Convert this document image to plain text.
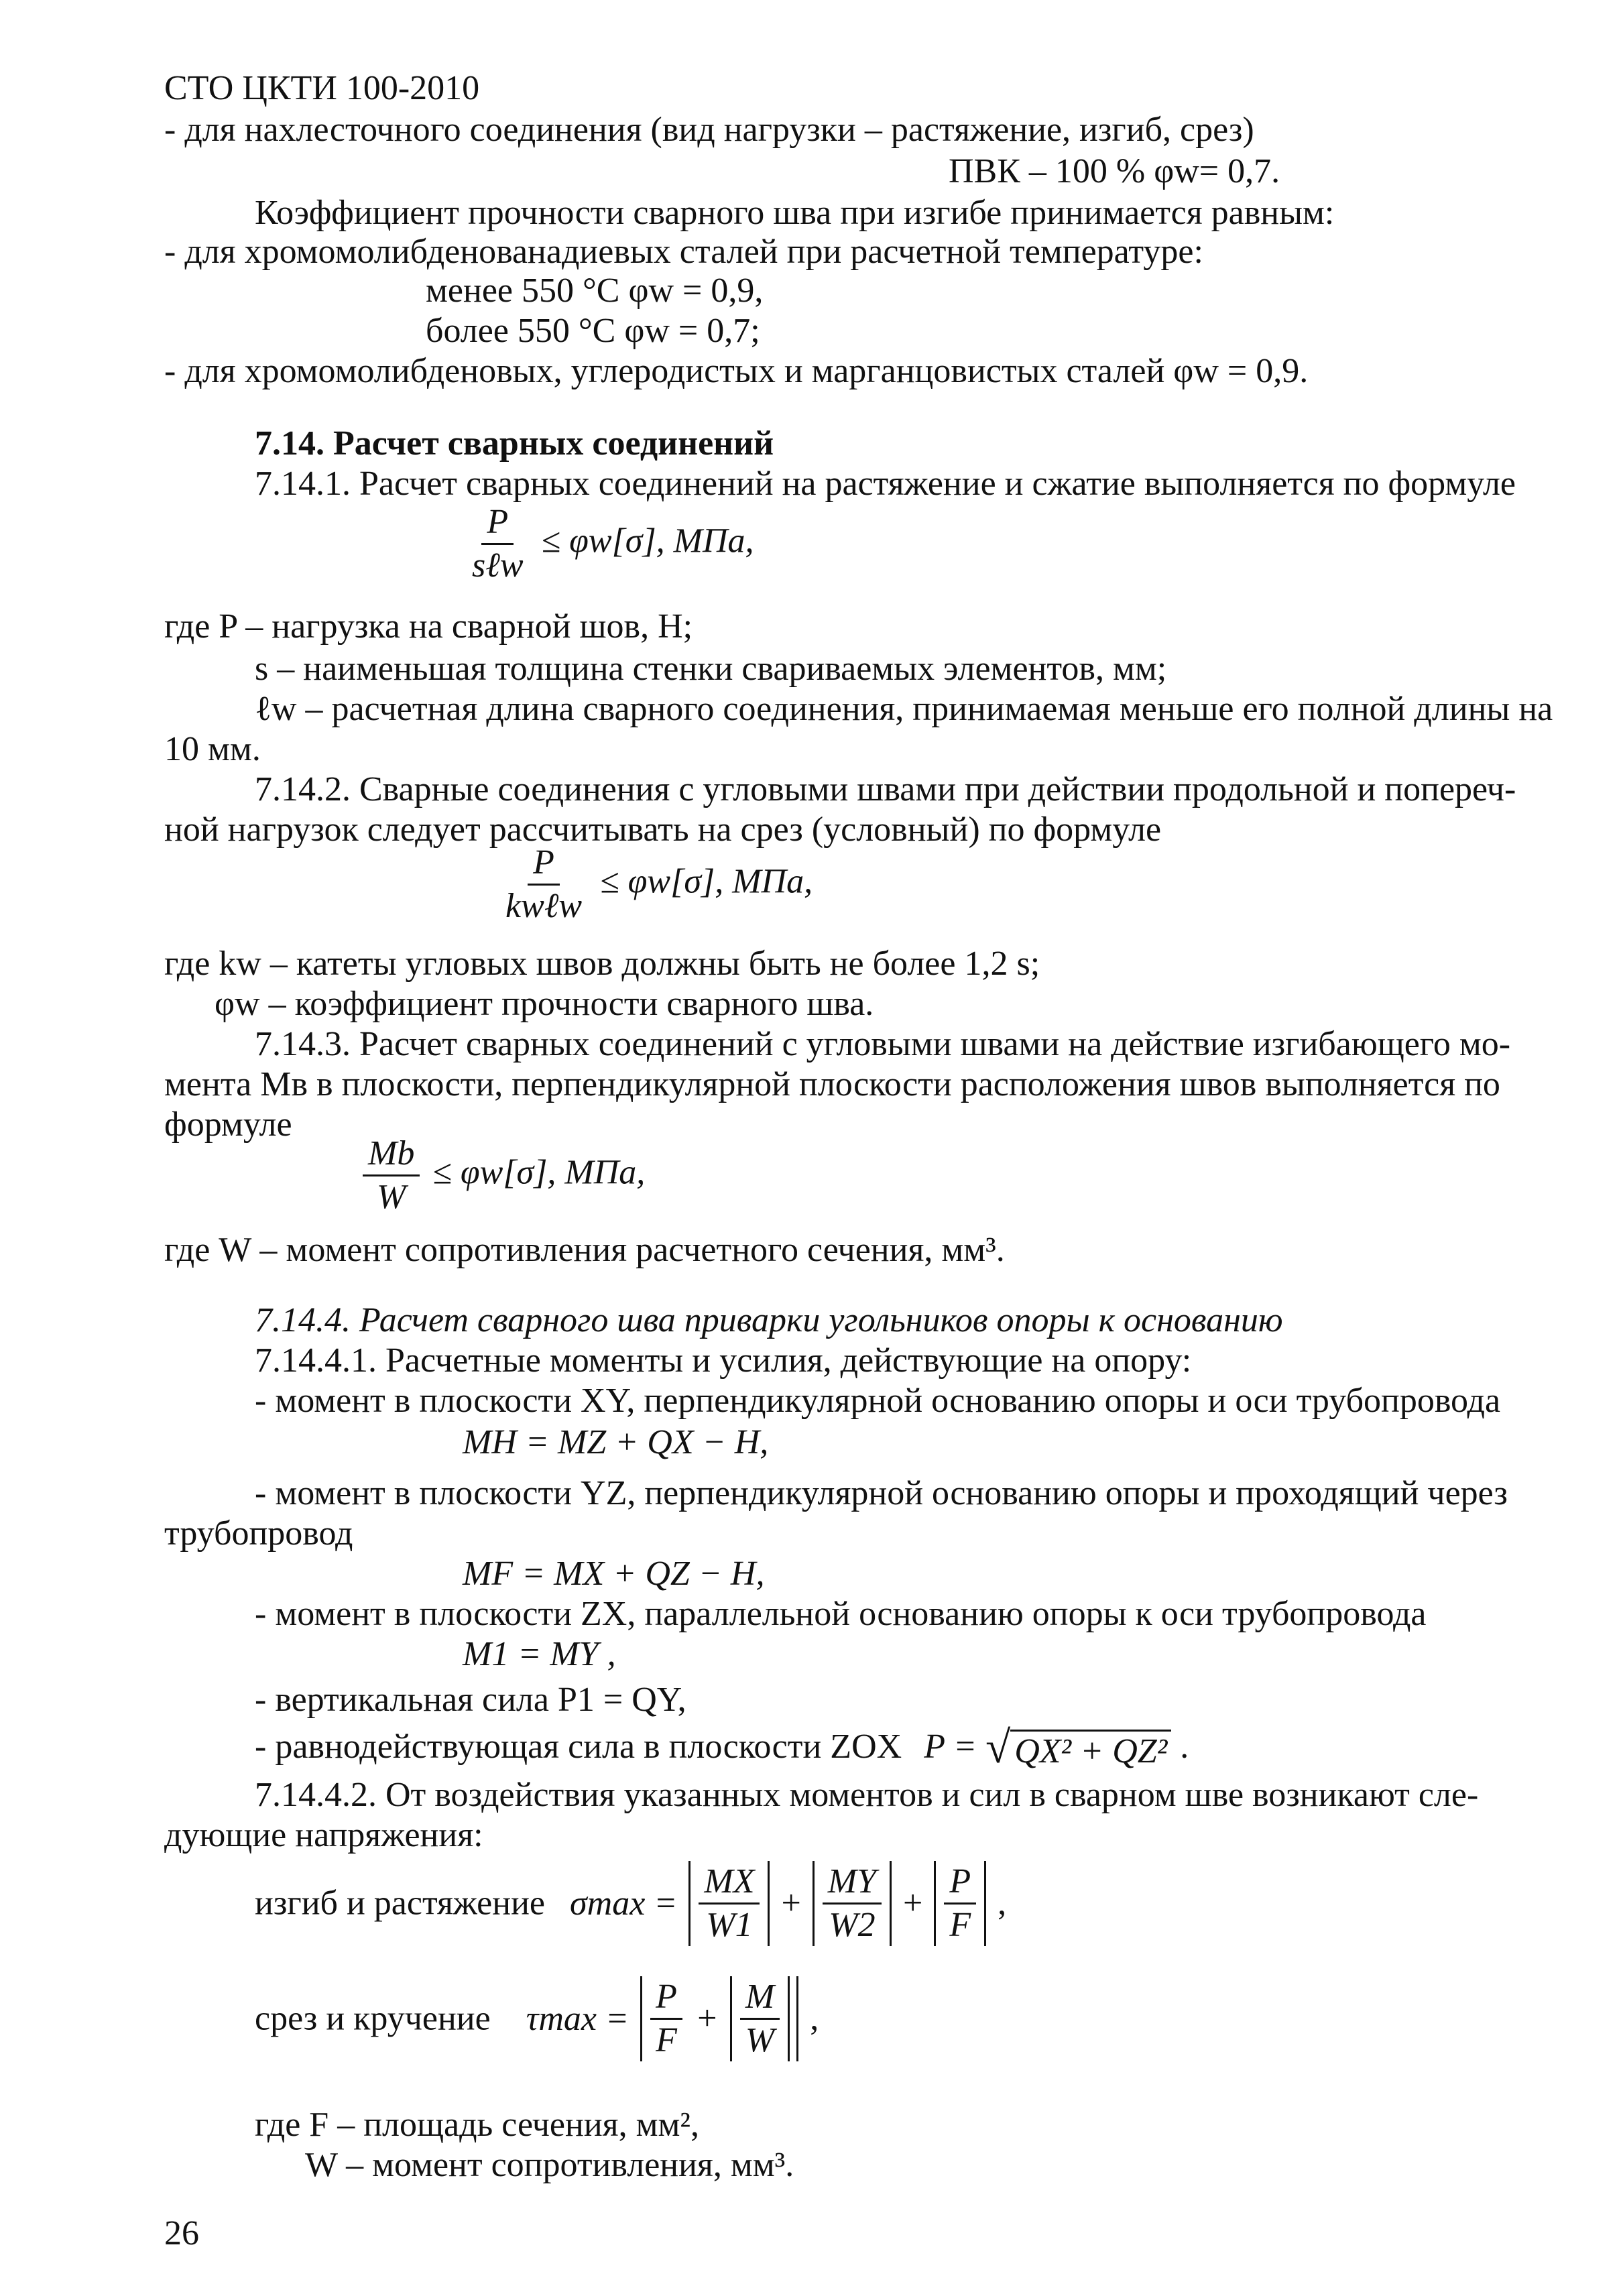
СТО ЦКТИ 100-2010
- для нахлесточного соединения (вид нагрузки – растяжение, изгиб, срез)
ПВК – 100 % φw= 0,7.
Коэффициент прочности сварного шва при изгибе принимается равным:
- для хромомолибденованадиевых сталей при расчетной температуре:
менее 550 °С φw = 0,9,
более 550 °С φw = 0,7;
- для хромомолибденовых, углеродистых и марганцовистых сталей φw = 0,9.
7.14. Расчет сварных соединений
7.14.1. Расчет сварных соединений на растяжение и сжатие выполняется по формуле
$\frac{P}{\text{sℓw}} \le \varphi w[\sigma]$, МПа,
где P – нагрузка на сварной шов, Н;
s – наименьшая толщина стенки свариваемых элементов, мм;
ℓw – расчетная длина сварного соединения, принимаемая меньше его полной длины на
10 мм.
7.14.2. Сварные соединения с угловыми швами при действии продольной и попереч-
ной нагрузок следует рассчитывать на срез (условный) по формуле
$\frac{P}{\text{kwℓw}} \le \varphi w[\sigma]$, МПа,
где kw – катеты угловых швов должны быть не более 1,2 s;
φw – коэффициент прочности сварного шва.
7.14.3. Расчет сварных соединений с угловыми швами на действие изгибающего мо-
мента Mв в плоскости, перпендикулярной плоскости расположения швов выполняется по
формуле
$\frac{Mb}{W} \le \varphi w[\sigma]$, МПа,
где W – момент сопротивления расчетного сечения, мм³.
7.14.4. Расчет сварного шва приварки угольников опоры к основанию
7.14.4.1. Расчетные моменты и усилия, действующие на опору:
- момент в плоскости XY, перпендикулярной основанию опоры и оси трубопровода
MH = MZ + QX − H,
- момент в плоскости YZ, перпендикулярной основанию опоры и проходящий через
трубопровод
MF = MX + QZ − H,
- момент в плоскости ZX, параллельной основанию опоры к оси трубопровода
M1 = MY ,
- вертикальная сила P1 = QY,
- равнодействующая сила в плоскости ZOX P = √ QX² + QZ² .
7.14.4.2. От воздействия указанных моментов и сил в сварном шве возникают сле-
дующие напряжения:
изгиб и растяжение $\sigma\max = \frac{MX}{W1} + \frac{MY}{W2} + \frac{P}{F}$ ,
срез и кручение $\tau\max = \frac{P}{F} + \frac{M}{W}$ ,
где F – площадь сечения, мм²,
W – момент сопротивления, мм³.
26
